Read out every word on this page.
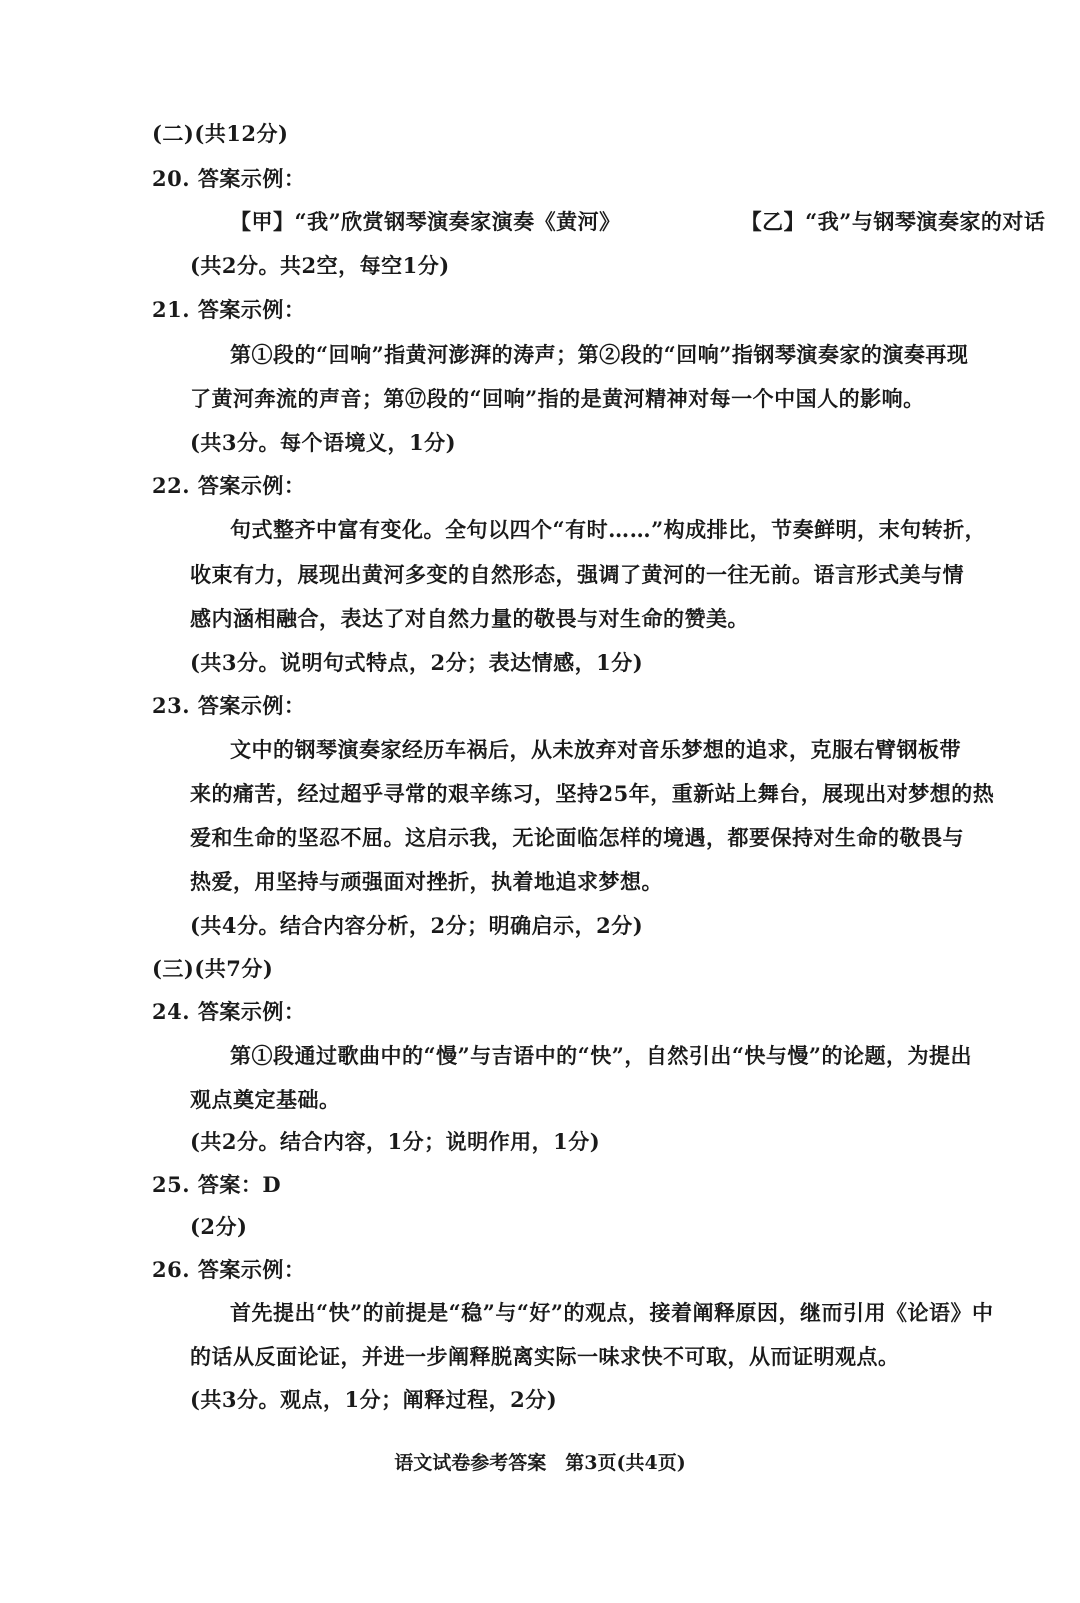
(二)(共12分)
20. 答案示例：
【甲】“我”欣赏钢琴演奏家演奏《黄河》	【乙】“我”与钢琴演奏家的对话
(共2分。共2空，每空1分)
21. 答案示例：
第①段的“回响”指黄河澎湃的涛声；第②段的“回响”指钢琴演奏家的演奏再现
了黄河奔流的声音；第⑰段的“回响”指的是黄河精神对每一个中国人的影响。
(共3分。每个语境义，1分)
22. 答案示例：
句式整齐中富有变化。全句以四个“有时……”构成排比，节奏鲜明，末句转折，
收束有力，展现出黄河多变的自然形态，强调了黄河的一往无前。语言形式美与情
感内涵相融合，表达了对自然力量的敬畏与对生命的赞美。
(共3分。说明句式特点，2分；表达情感，1分)
23. 答案示例：
文中的钢琴演奏家经历车祸后，从未放弃对音乐梦想的追求，克服右臂钢板带
来的痛苦，经过超乎寻常的艰辛练习，坚持25年，重新站上舞台，展现出对梦想的热
爱和生命的坚忍不屈。这启示我，无论面临怎样的境遇，都要保持对生命的敬畏与
热爱，用坚持与顽强面对挫折，执着地追求梦想。
(共4分。结合内容分析，2分；明确启示，2分)
(三)(共7分)
24. 答案示例：
第①段通过歌曲中的“慢”与吉语中的“快”，自然引出“快与慢”的论题，为提出
观点奠定基础。
(共2分。结合内容，1分；说明作用，1分)
25. 答案：D
(2分)
26. 答案示例：
首先提出“快”的前提是“稳”与“好”的观点，接着阐释原因，继而引用《论语》中
的话从反面论证，并进一步阐释脱离实际一味求快不可取，从而证明观点。
(共3分。观点，1分；阐释过程，2分)
语文试卷参考答案　第3页(共4页)
